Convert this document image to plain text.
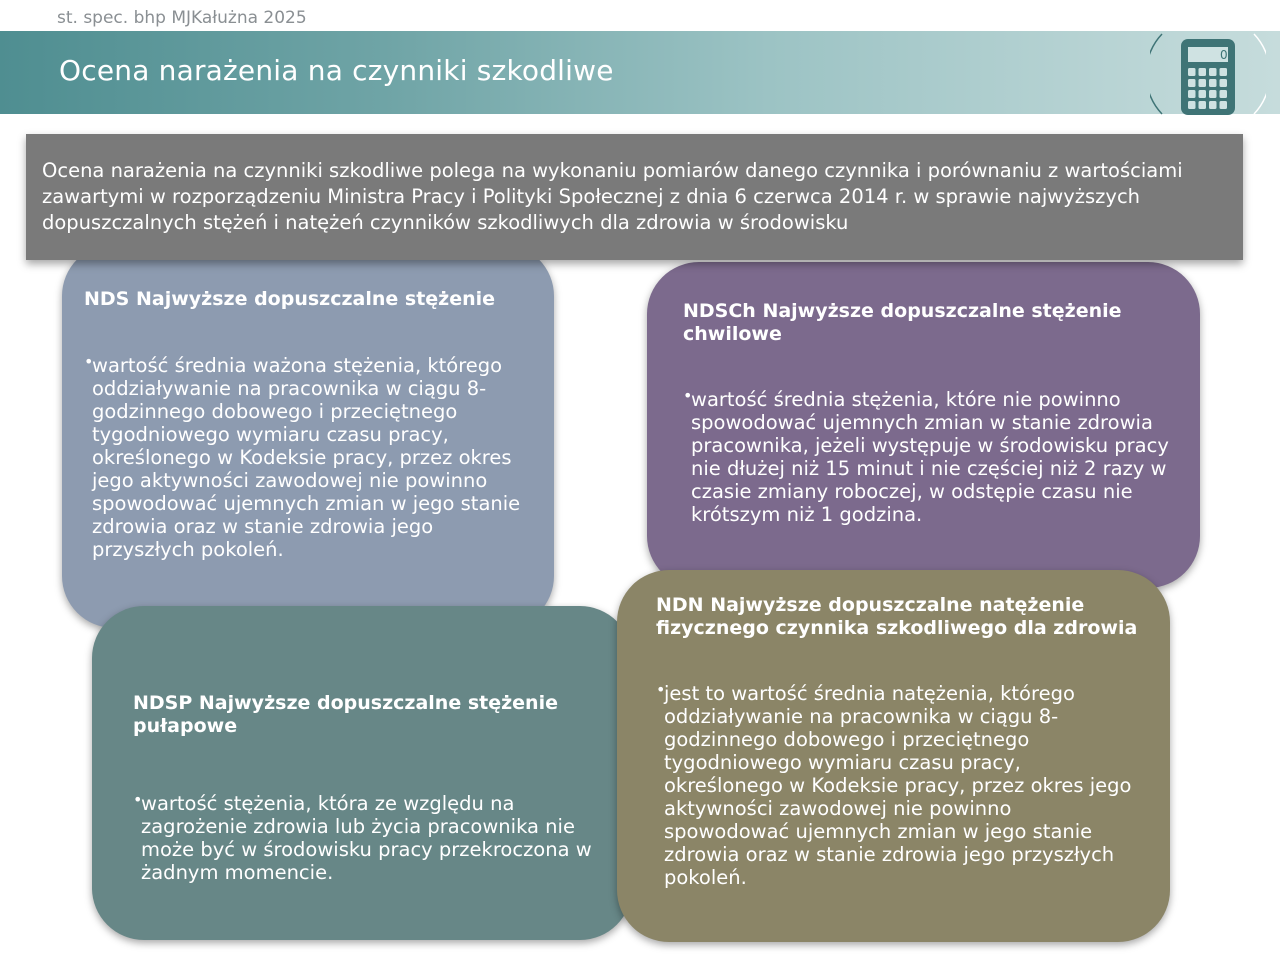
st. spec. bhp MJKałużna 2025
Ocena narażenia na czynniki szkodliwe	0
Ocena narażenia na czynniki szkodliwe polega na wykonaniu pomiarów danego czynnika i porównaniu z wartościami zawartymi w rozporządzeniu Ministra Pracy i Polityki Społecznej z dnia 6 czerwca 2014 r. w sprawie najwyższych dopuszczalnych stężeń i natężeń czynników szkodliwych dla zdrowia w środowisku
NDS Najwyższe dopuszczalne stężenie
•
wartość średnia ważona stężenia, którego oddziaływanie na pracownika w ciągu 8-godzinnego dobowego i przeciętnego tygodniowego wymiaru czasu pracy, określonego w Kodeksie pracy, przez okres jego aktywności zawodowej nie powinno spowodować ujemnych zmian w jego stanie zdrowia oraz w stanie zdrowia jego przyszłych pokoleń.
NDSCh Najwyższe dopuszczalne stężenie chwilowe
•
wartość średnia stężenia, które nie powinno spowodować ujemnych zmian w stanie zdrowia pracownika, jeżeli występuje w środowisku pracy nie dłużej niż 15 minut i nie częściej niż 2 razy w czasie zmiany roboczej, w odstępie czasu nie krótszym niż 1 godzina.
NDSP Najwyższe dopuszczalne stężenie pułapowe
•
wartość stężenia, która ze względu na zagrożenie zdrowia lub życia pracownika nie może być w środowisku pracy przekroczona w żadnym momencie.
NDN Najwyższe dopuszczalne natężenie fizycznego czynnika szkodliwego dla zdrowia
•
jest to wartość średnia natężenia, którego oddziaływanie na pracownika w ciągu 8-godzinnego dobowego i przeciętnego tygodniowego wymiaru czasu pracy, określonego w Kodeksie pracy, przez okres jego aktywności zawodowej nie powinno spowodować ujemnych zmian w jego stanie zdrowia oraz w stanie zdrowia jego przyszłych pokoleń.
